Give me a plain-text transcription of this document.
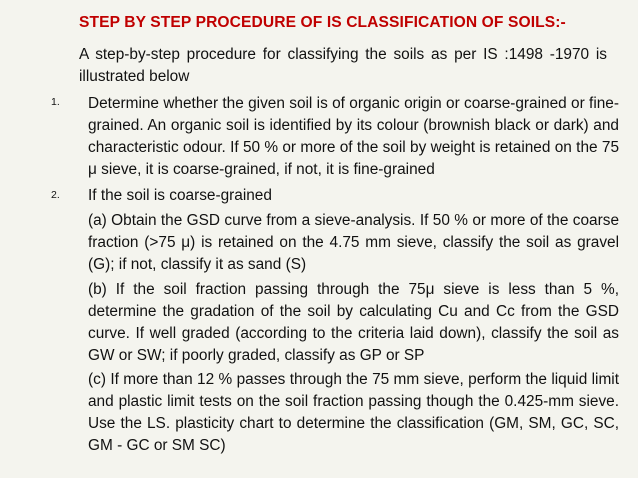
STEP BY STEP PROCEDURE OF IS CLASSIFICATION OF SOILS:-
A step-by-step procedure for classifying the soils as per IS :1498 -1970 is illustrated below
1. Determine whether the given soil is of organic origin or coarse-grained or fine-grained. An organic soil is identified by its colour (brownish black or dark) and characteristic odour. If 50 % or more of the soil by weight is retained on the 75 μ sieve, it is coarse-grained, if not, it is fine-grained
2. If the soil is coarse-grained
(a) Obtain the GSD curve from a sieve-analysis. If 50 % or more of the coarse fraction (>75 μ) is retained on the 4.75 mm sieve, classify the soil as gravel (G); if not, classify it as sand (S)
(b) If the soil fraction passing through the 75μ sieve is less than 5 %, determine the gradation of the soil by calculating Cu and Cc from the GSD curve. If well graded (according to the criteria laid down), classify the soil as GW or SW; if poorly graded, classify as GP or SP
(c) If more than 12 % passes through the 75 mm sieve, perform the liquid limit and plastic limit tests on the soil fraction passing though the 0.425-mm sieve. Use the LS. plasticity chart to determine the classification (GM, SM, GC, SC, GM - GC or SM SC)
